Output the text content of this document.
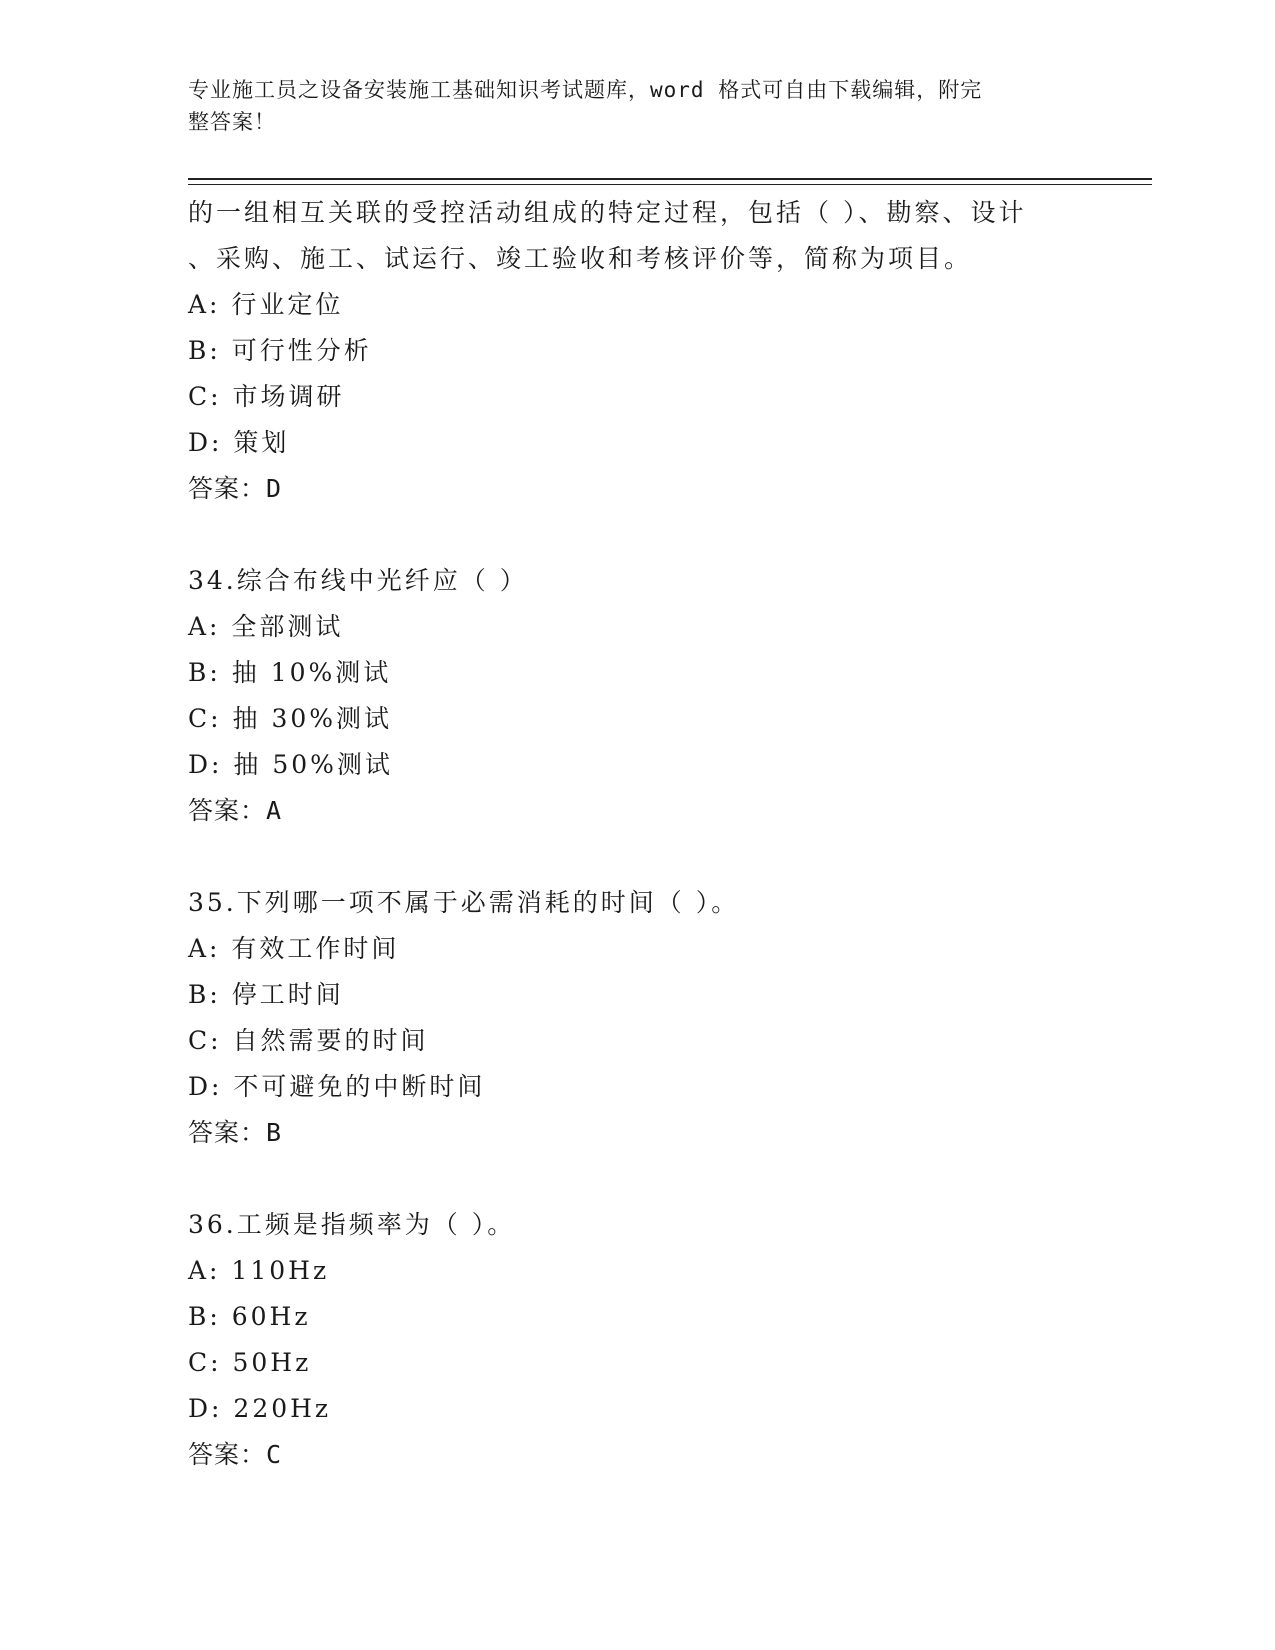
专业施工员之设备安装施工基础知识考试题库，word 格式可自由下载编辑，附完
整答案！
的一组相互关联的受控活动组成的特定过程，包括（ ）、勘察、设计
、采购、施工、试运行、竣工验收和考核评价等，简称为项目。
A: 行业定位
B: 可行性分析
C: 市场调研
D: 策划
答案：D
34.综合布线中光纤应（ ）
A: 全部测试
B: 抽 10%测试
C: 抽 30%测试
D: 抽 50%测试
答案：A
35.下列哪一项不属于必需消耗的时间（ ）。
A: 有效工作时间
B: 停工时间
C: 自然需要的时间
D: 不可避免的中断时间
答案：B
36.工频是指频率为（ ）。
A: 110Hz
B: 60Hz
C: 50Hz
D: 220Hz
答案：C
